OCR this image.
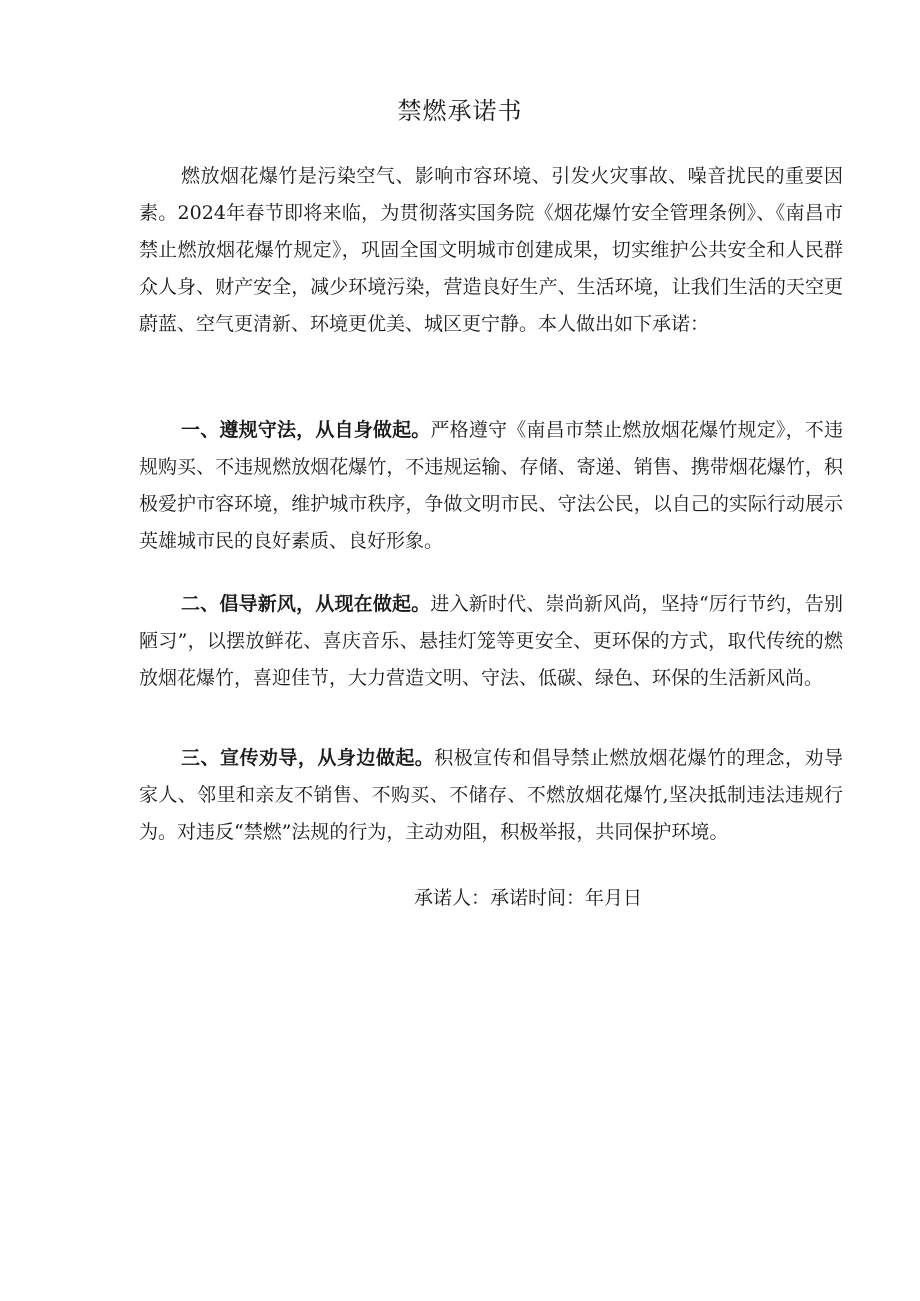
禁燃承诺书

燃放烟花爆竹是污染空气、影响市容环境、引发火灾事故、噪音扰民的重要因素。2024年春节即将来临，为贯彻落实国务院《烟花爆竹安全管理条例》、《南昌市禁止燃放烟花爆竹规定》，巩固全国文明城市创建成果，切实维护公共安全和人民群众人身、财产安全，减少环境污染，营造良好生产、生活环境，让我们生活的天空更蔚蓝、空气更清新、环境更优美、城区更宁静。本人做出如下承诺：

一、遵规守法，从自身做起。严格遵守《南昌市禁止燃放烟花爆竹规定》，不违规购买、不违规燃放烟花爆竹，不违规运输、存储、寄递、销售、携带烟花爆竹，积极爱护市容环境，维护城市秩序，争做文明市民、守法公民，以自己的实际行动展示英雄城市民的良好素质、良好形象。

二、倡导新风，从现在做起。进入新时代、崇尚新风尚，坚持“厉行节约，告别陋习”，以摆放鲜花、喜庆音乐、悬挂灯笼等更安全、更环保的方式，取代传统的燃放烟花爆竹，喜迎佳节，大力营造文明、守法、低碳、绿色、环保的生活新风尚。

三、宣传劝导，从身边做起。积极宣传和倡导禁止燃放烟花爆竹的理念，劝导家人、邻里和亲友不销售、不购买、不储存、不燃放烟花爆竹,坚决抵制违法违规行为。对违反“禁燃”法规的行为，主动劝阻，积极举报，共同保护环境。

承诺人：承诺时间：年月日
